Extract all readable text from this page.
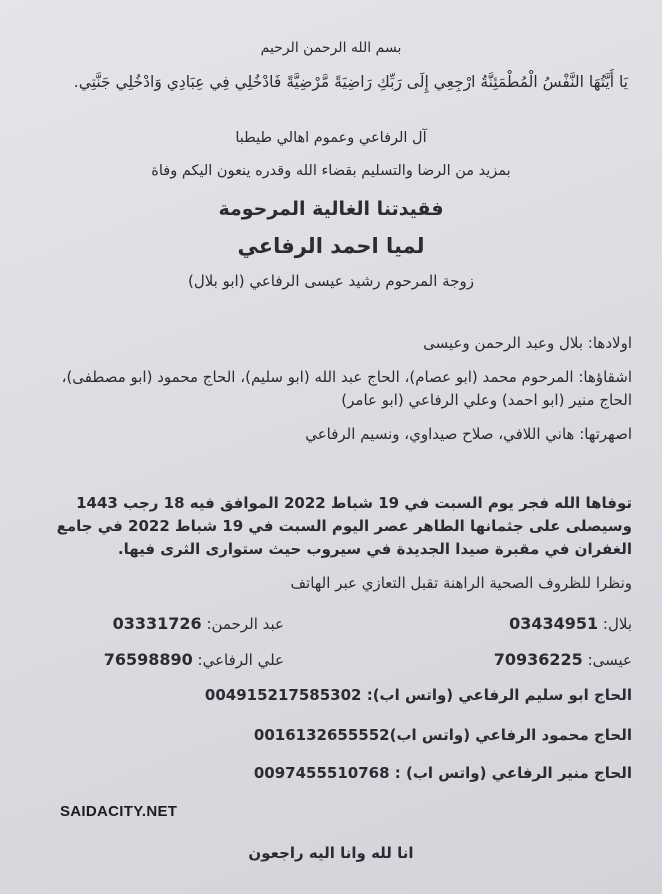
بسم الله الرحمن الرحيم

يَا أَيَّتُهَا النَّفْسُ الْمُطْمَئِنَّةُ ارْجِعِي إِلَى رَبِّكِ رَاضِيَةً مَّرْضِيَّةً فَادْخُلِي فِي عِبَادِي وَادْخُلِي جَنَّتِي.

آل الرفاعي وعموم اهالي طيطبا

بمزيد من الرضا والتسليم بقضاء الله وقدره ينعون اليكم وفاة

فقيدتنا الغالية المرحومة

لميا احمد الرفاعي

زوجة المرحوم رشيد عيسى الرفاعي (ابو بلال)

اولادها: بلال وعبد الرحمن وعيسى

اشقاؤها: المرحوم محمد (ابو عصام)، الحاج عبد الله (ابو سليم)، الحاج محمود (ابو مصطفى)، الحاج منير (ابو احمد) وعلي الرفاعي (ابو عامر)

اصهرتها: هاني اللافي، صلاح صيداوي، ونسيم الرفاعي

توفاها الله فجر يوم السبت في 19 شباط 2022 الموافق فيه 18 رجب 1443 وسيصلى على جثمانها الطاهر عصر اليوم السبت في 19 شباط 2022 في جامع الغفران في مقبرة صيدا الجديدة في سيروب حيث ستوارى الثرى فيها.

ونظرا للظروف الصحية الراهنة تقبل التعازي عبر الهاتف

بلال: 03434951
عبد الرحمن: 03331726
عيسى: 70936225
علي الرفاعي: 76598890

الحاج ابو سليم الرفاعي (واتس اب): 004915217585302

الحاج محمود الرفاعي (واتس اب)0016132655552

الحاج منير الرفاعي (واتس اب) : 0097455510768

SAIDACITY.NET

انا لله وانا اليه راجعون
